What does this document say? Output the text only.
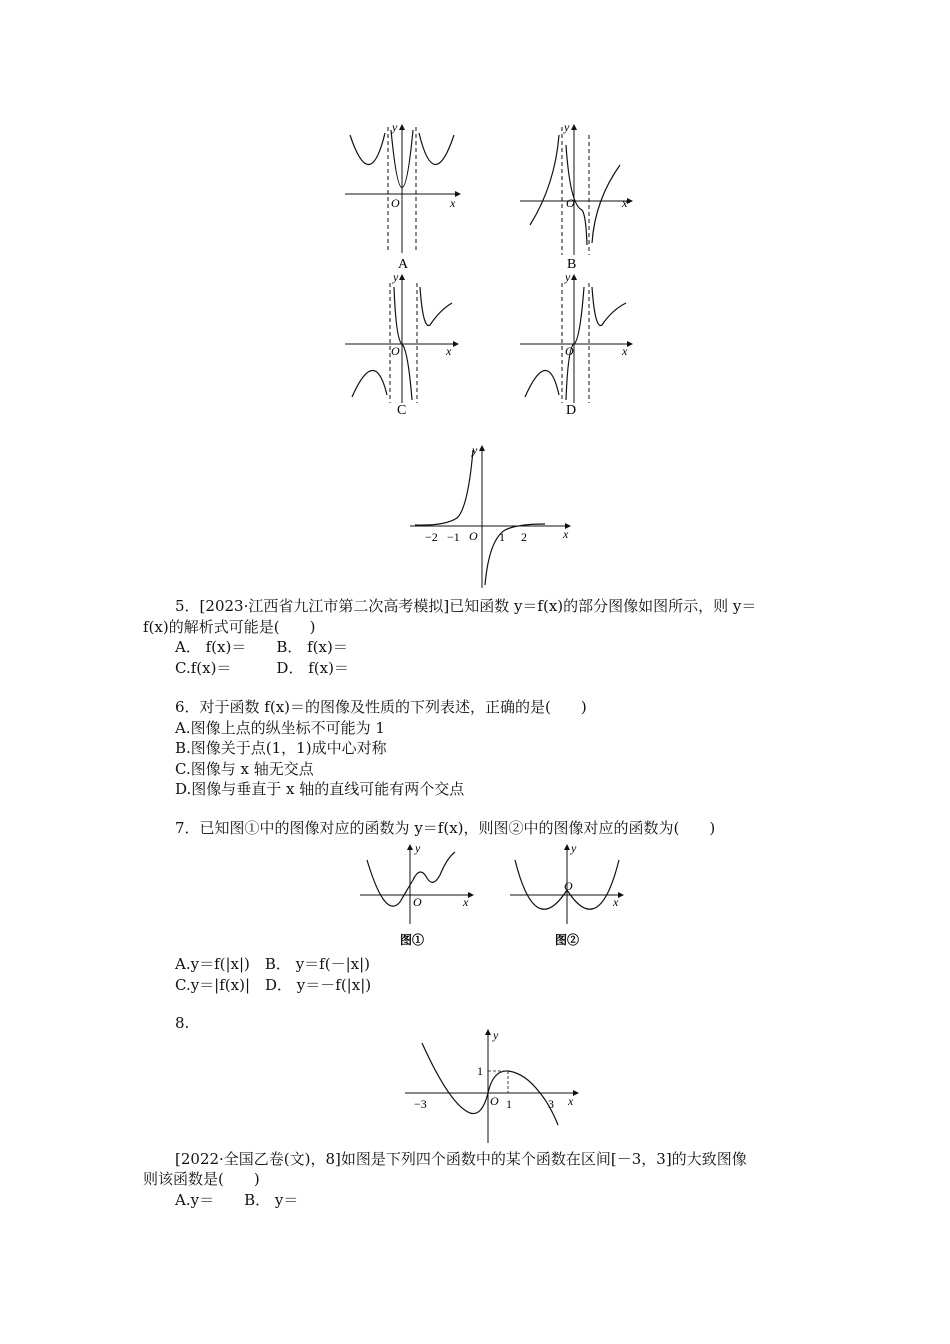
y
x
O
A
y
x
O
B
y
x
O
C
y
x
O
D
y
x
O
−2 −1	1 2
5．[2023·江西省九江市第二次高考模拟]已知函数 y＝f(x)的部分图像如图所示，则 y＝
f(x)的解析式可能是(　　)
A． f(x)＝　　B． f(x)＝
C.f(x)＝　　　D． f(x)＝
6．对于函数 f(x)＝的图像及性质的下列表述，正确的是(　　)
A.图像上点的纵坐标不可能为 1
B.图像关于点(1，1)成中心对称
C.图像与 x 轴无交点
D.图像与垂直于 x 轴的直线可能有两个交点
7．已知图①中的图像对应的函数为 y＝f(x)，则图②中的图像对应的函数为(　　)
y
x
O
图①
y
x
O
图②
A.y＝f(|x|)　B． y＝f(－|x|)
C.y＝|f(x)|　D． y＝－f(|x|)
8.
y
x
O
−3	1	3
1
[2022·全国乙卷(文)，8]如图是下列四个函数中的某个函数在区间[－3，3]的大致图像
则该函数是(　　)
A.y＝　　B． y＝
